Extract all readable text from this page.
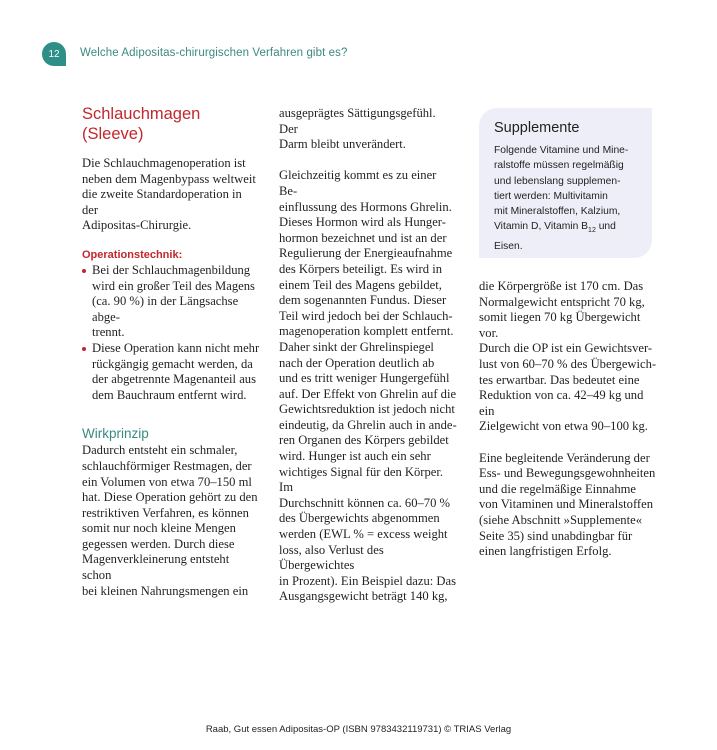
12	Welche Adipositas-chirurgischen Verfahren gibt es?
Schlauchmagen (Sleeve)

Die Schlauchmagenoperation ist
neben dem Magenbypass weltweit
die zweite Standardoperation in der
Adipositas-Chirurgie.

Operationstechnik:
Bei der Schlauchmagenbildung
wird ein großer Teil des Magens
(ca. 90 %) in der Längsachse abge-
trennt.
Diese Operation kann nicht mehr
rückgängig gemacht werden, da
der abgetrennte Magenanteil aus
dem Bauchraum entfernt wird.
Wirkprinzip

Dadurch entsteht ein schmaler,
schlauchförmiger Restmagen, der
ein Volumen von etwa 70–150 ml
hat. Diese Operation gehört zu den
restriktiven Verfahren, es können
somit nur noch kleine Mengen
gegessen werden. Durch diese
Magenverkleinerung entsteht schon
bei kleinen Nahrungsmengen ein

ausgeprägtes Sättigungsgefühl. Der
Darm bleibt unverändert.

Gleichzeitig kommt es zu einer Be-
einflussung des Hormons Ghrelin.
Dieses Hormon wird als Hunger-
hormon bezeichnet und ist an der
Regulierung der Energieaufnahme
des Körpers beteiligt. Es wird in
einem Teil des Magens gebildet,
dem sogenannten Fundus. Dieser
Teil wird jedoch bei der Schlauch-
magenoperation komplett entfernt.
Daher sinkt der Ghrelinspiegel
nach der Operation deutlich ab
und es tritt weniger Hungergefühl
auf. Der Effekt von Ghrelin auf die
Gewichtsreduktion ist jedoch nicht
eindeutig, da Ghrelin auch in ande-
ren Organen des Körpers gebildet
wird. Hunger ist auch ein sehr
wichtiges Signal für den Körper. Im
Durchschnitt können ca. 60–70 %
des Übergewichts abgenommen
werden (EWL % = excess weight
loss, also Verlust des Übergewichtes
in Prozent). Ein Beispiel dazu: Das
Ausgangsgewicht beträgt 140 kg,

Supplemente
Folgende Vitamine und Mine-
ralstoffe müssen regelmäßig
und lebenslang supplemen-
tiert werden: Multivitamin
mit Mineralstoffen, Kalzium,
Vitamin D, Vitamin $B_{12}$ und
Eisen.

die Körpergröße ist 170 cm. Das
Normalgewicht entspricht 70 kg,
somit liegen 70 kg Übergewicht vor.
Durch die OP ist ein Gewichtsver-
lust von 60–70 % des Übergewich-
tes erwartbar. Das bedeutet eine
Reduktion von ca. 42–49 kg und ein
Zielgewicht von etwa 90–100 kg.

Eine begleitende Veränderung der
Ess- und Bewegungsgewohnheiten
und die regelmäßige Einnahme
von Vitaminen und Mineralstoffen
(siehe Abschnitt »Supplemente«
Seite 35) sind unabdingbar für
einen langfristigen Erfolg.

Raab, Gut essen Adipositas-OP (ISBN 9783432119731) © TRIAS Verlag
